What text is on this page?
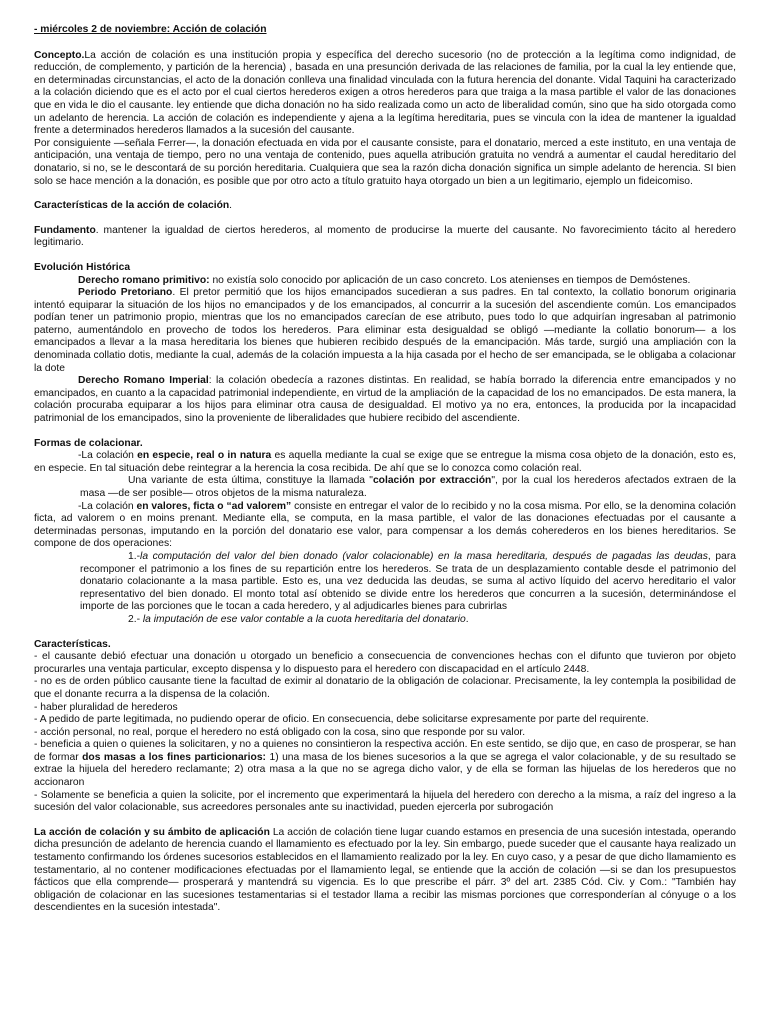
- miércoles 2 de noviembre: Acción de colación

Concepto.La acción de colación es una institución propia y específica del derecho sucesorio (no de protección a la legítima como indignidad, de reducción, de complemento, y partición de la herencia) , basada en una presunción derivada de las relaciones de familia, por la cual la ley entiende que, en determinadas circunstancias, el acto de la donación conlleva una finalidad vinculada con la futura herencia del donante. Vidal Taquini ha caracterizado a la colación diciendo que es el acto por el cual ciertos herederos exigen a otros herederos para que traiga a la masa partible el valor de las donaciones que en vida le dio el causante. ley entiende que dicha donación no ha sido realizada como un acto de liberalidad común, sino que ha sido otorgada como un adelanto de herencia. La acción de colación es independiente y ajena a la legítima hereditaria, pues se vincula con la idea de mantener la igualdad frente a determinados herederos llamados a la sucesión del causante.

Por consiguiente —señala Ferrer—, la donación efectuada en vida por el causante consiste, para el donatario, merced a este instituto, en una ventaja de anticipación, una ventaja de tiempo, pero no una ventaja de contenido, pues aquella atribución gratuita no vendrá a aumentar el caudal hereditario del donatario, si no, se le descontará de su porción hereditaria. Cualquiera que sea la razón dicha donación significa un simple adelanto de herencia. SI bien solo se hace mención a la donación, es posible que por otro acto a título gratuito haya otorgado un bien a un legitimario, ejemplo un fideicomiso.

Características de la acción de colación.

Fundamento. mantener la igualdad de ciertos herederos, al momento de producirse la muerte del causante. No favorecimiento tácito al heredero legitimario.

Evolución Histórica

Derecho romano primitivo: no existía solo conocido por aplicación de un caso concreto. Los atenienses en tiempos de Demóstenes.

Periodo Pretoriano. El pretor permitió que los hijos emancipados sucedieran a sus padres. En tal contexto, la collatio bonorum originaria intentó equiparar la situación de los hijos no emancipados y de los emancipados, al concurrir a la sucesión del ascendiente común. Los emancipados podían tener un patrimonio propio, mientras que los no emancipados carecían de ese atributo, pues todo lo que adquirían ingresaban al patrimonio paterno, aumentándolo en provecho de todos los herederos. Para eliminar esta desigualdad se obligó —mediante la collatio bonorum— a los emancipados a llevar a la masa hereditaria los bienes que hubieren recibido después de la emancipación. Más tarde, surgió una ampliación con la denominada collatio dotis, mediante la cual, además de la colación impuesta a la hija casada por el hecho de ser emancipada, se le obligaba a colacionar la dote

Derecho Romano Imperial: la colación obedecía a razones distintas. En realidad, se había borrado la diferencia entre emancipados y no emancipados, en cuanto a la capacidad patrimonial independiente, en virtud de la ampliación de la capacidad de los no emancipados. De esta manera, la colación procuraba equiparar a los hijos para eliminar otra causa de desigualdad. El motivo ya no era, entonces, la producida por la incapacidad patrimonial de los emancipados, sino la proveniente de liberalidades que hubiere recibido del ascendiente.

Formas de colacionar.

-La colación en especie, real o in natura es aquella mediante la cual se exige que se entregue la misma cosa objeto de la donación, esto es, en especie. En tal situación debe reintegrar a la herencia la cosa recibida. De ahí que se lo conozca como colación real.

Una variante de esta última, constituye la llamada "colación por extracción", por la cual los herederos afectados extraen de la masa —de ser posible— otros objetos de la misma naturaleza.

-La colación en valores, ficta o “ad valorem” consiste en entregar el valor de lo recibido y no la cosa misma. Por ello, se la denomina colación ficta, ad valorem o en moins prenant. Mediante ella, se computa, en la masa partible, el valor de las donaciones efectuadas por el causante a determinadas personas, imputando en la porción del donatario ese valor, para compensar a los demás coherederos en los bienes hereditarios. Se compone de dos operaciones:

1.-la computación del valor del bien donado (valor colacionable) en la masa hereditaria, después de pagadas las deudas, para recomponer el patrimonio a los fines de su repartición entre los herederos. Se trata de un desplazamiento contable desde el patrimonio del donatario colacionante a la masa partible. Esto es, una vez deducida las deudas, se suma al activo líquido del acervo hereditario el valor representativo del bien donado. El monto total así obtenido se divide entre los herederos que concurren a la sucesión, determinándose el importe de las porciones que le tocan a cada heredero, y al adjudicarles bienes para cubrirlas

2.- la imputación de ese valor contable a la cuota hereditaria del donatario.

Características.

- el causante debió efectuar una donación u otorgado un beneficio a consecuencia de convenciones hechas con el difunto que tuvieron por objeto procurarles una ventaja particular, excepto dispensa y lo dispuesto para el heredero con discapacidad en el artículo 2448.

- no es de orden público causante tiene la facultad de eximir al donatario de la obligación de colacionar. Precisamente, la ley contempla la posibilidad de que el donante recurra a la dispensa de la colación.

- haber pluralidad de herederos

- A pedido de parte legitimada, no pudiendo operar de oficio. En consecuencia, debe solicitarse expresamente por parte del requirente.

- acción personal, no real, porque el heredero no está obligado con la cosa, sino que responde por su valor.

- beneficia a quien o quienes la solicitaren, y no a quienes no consintieron la respectiva acción. En este sentido, se dijo que, en caso de prosperar, se han de formar dos masas a los fines particionarios: 1) una masa de los bienes sucesorios a la que se agrega el valor colacionable, y de su resultado se extrae la hijuela del heredero reclamante; 2) otra masa a la que no se agrega dicho valor, y de ella se forman las hijuelas de los herederos que no accionaron

- Solamente se beneficia a quien la solicite, por el incremento que experimentará la hijuela del heredero con derecho a la misma, a raíz del ingreso a la sucesión del valor colacionable, sus acreedores personales ante su inactividad, pueden ejercerla por subrogación

La acción de colación y su ámbito de aplicación La acción de colación tiene lugar cuando estamos en presencia de una sucesión intestada, operando dicha presunción de adelanto de herencia cuando el llamamiento es efectuado por la ley. Sin embargo, puede suceder que el causante haya realizado un testamento confirmando los órdenes sucesorios establecidos en el llamamiento realizado por la ley. En cuyo caso, y a pesar de que dicho llamamiento es testamentario, al no contener modificaciones efectuadas por el llamamiento legal, se entiende que la acción de colación —si se dan los presupuestos fácticos que ella comprende— prosperará y mantendrá su vigencia. Es lo que prescribe el párr. 3º del art. 2385 Cód. Civ. y Com.: "También hay obligación de colacionar en las sucesiones testamentarias si el testador llama a recibir las mismas porciones que corresponderían al cónyuge o a los descendientes en la sucesión intestada".
